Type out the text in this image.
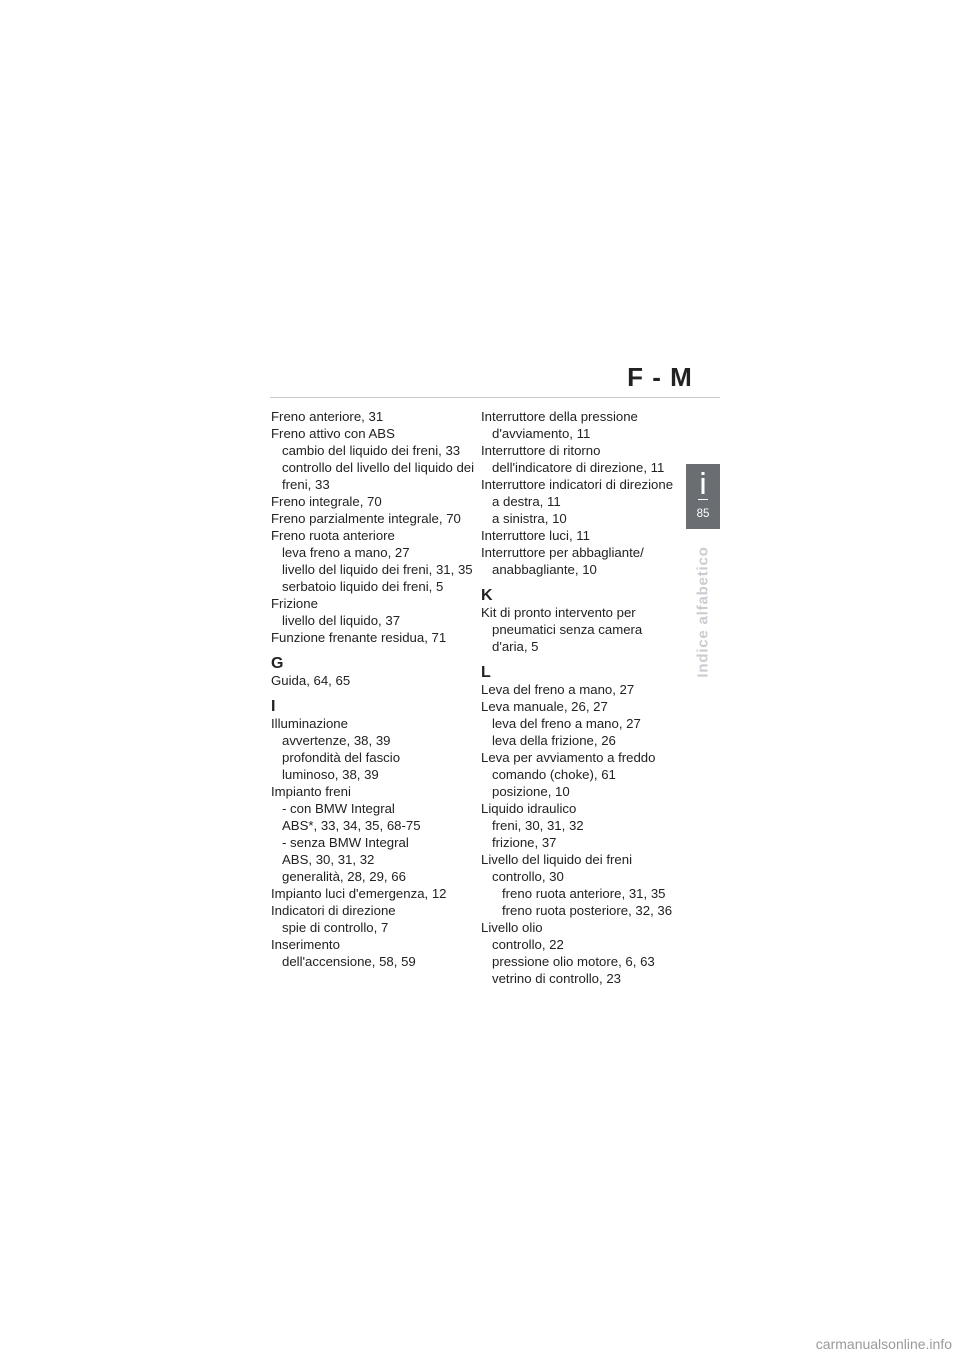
F - M
Freno anteriore, 31
Freno attivo con ABS
cambio del liquido dei freni, 33
controllo del livello del liquido dei
freni, 33
Freno integrale, 70
Freno parzialmente integrale, 70
Freno ruota anteriore
leva freno a mano, 27
livello del liquido dei freni, 31, 35
serbatoio liquido dei freni, 5
Frizione
livello del liquido, 37
Funzione frenante residua, 71
G
Guida, 64, 65
I
Illuminazione
avvertenze, 38, 39
profondità del fascio
luminoso, 38, 39
Impianto freni
- con BMW Integral
ABS*, 33, 34, 35, 68-75
- senza BMW Integral
ABS, 30, 31, 32
generalità, 28, 29, 66
Impianto luci d'emergenza, 12
Indicatori di direzione
spie di controllo, 7
Inserimento
dell'accensione, 58, 59
Interruttore della pressione
d'avviamento, 11
Interruttore di ritorno
dell'indicatore di direzione, 11
Interruttore indicatori di direzione
a destra, 11
a sinistra, 10
Interruttore luci, 11
Interruttore per abbagliante/
anabbagliante, 10
K
Kit di pronto intervento per
pneumatici senza camera
d'aria, 5
L
Leva del freno a mano, 27
Leva manuale, 26, 27
leva del freno a mano, 27
leva della frizione, 26
Leva per avviamento a freddo
comando (choke), 61
posizione, 10
Liquido idraulico
freni, 30, 31, 32
frizione, 37
Livello del liquido dei freni
controllo, 30
freno ruota anteriore, 31, 35
freno ruota posteriore, 32, 36
Livello olio
controllo, 22
pressione olio motore, 6, 63
vetrino di controllo, 23
85
Indice alfabetico
carmanualsonline.info
